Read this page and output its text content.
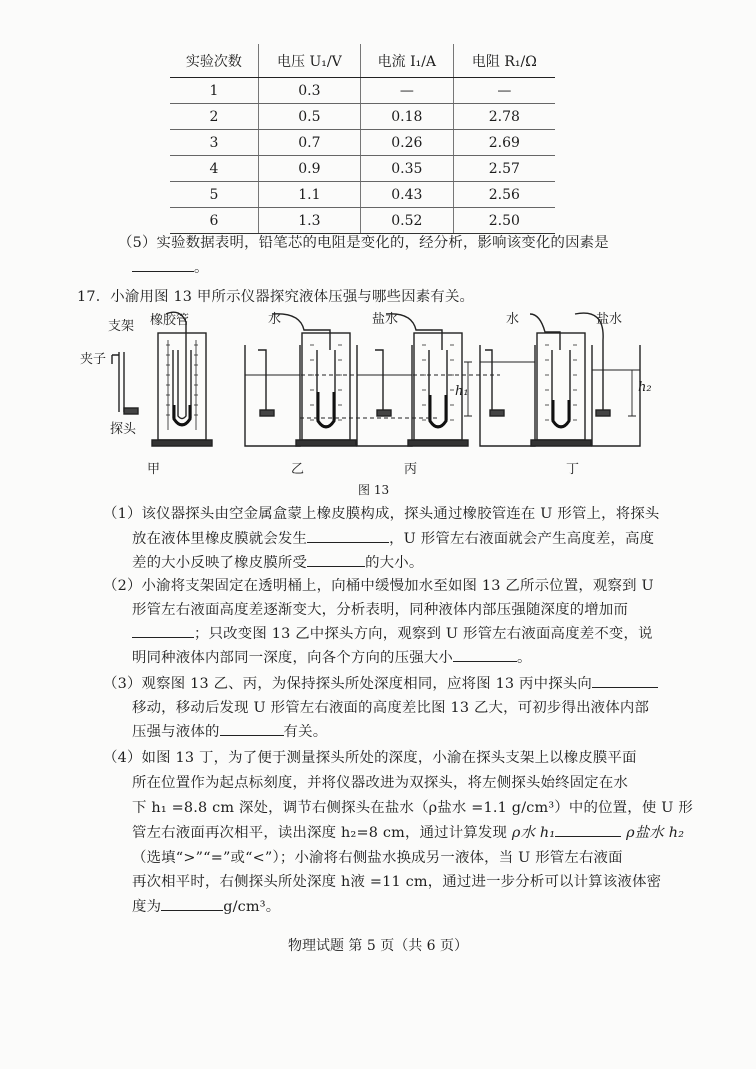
实验次数	电压 U₁/V	电流 I₁/A	电阻 R₁/Ω
1	0.3	—	—
2	0.5	0.18	2.78
3	0.7	0.26	2.69
4	0.9	0.35	2.57
5	1.1	0.43	2.56
6	1.3	0.52	2.50
（5）实验数据表明，铅笔芯的电阻是变化的，经分析，影响该变化的因素是
。
17．小渝用图 13 甲所示仪器探究液体压强与哪些因素有关。
支架 橡胶管
夹子
探头
水	盐水	水	盐水
h₁	h₂
甲	乙	丙	丁
图 13
（1）该仪器探头由空金属盒蒙上橡皮膜构成，探头通过橡胶管连在 U 形管上，将探头
放在液体里橡皮膜就会发生	，U 形管左右液面就会产生高度差，高度
差的大小反映了橡皮膜所受	的大小。
（2）小渝将支架固定在透明桶上，向桶中缓慢加水至如图 13 乙所示位置，观察到 U
形管左右液面高度差逐渐变大，分析表明，同种液体内部压强随深度的增加而
；只改变图 13 乙中探头方向，观察到 U 形管左右液面高度差不变，说
明同种液体内部同一深度，向各个方向的压强大小	。
（3）观察图 13 乙、丙，为保持探头所处深度相同，应将图 13 丙中探头向
移动，移动后发现 U 形管左右液面的高度差比图 13 乙大，可初步得出液体内部
压强与液体的	有关。
（4）如图 13 丁，为了便于测量探头所处的深度，小渝在探头支架上以橡皮膜平面
所在位置作为起点标刻度，并将仪器改进为双探头，将左侧探头始终固定在水
下 h₁ =8.8 cm 深处，调节右侧探头在盐水（ρ盐水 =1.1 g/cm³）中的位置，使 U 形
管左右液面再次相平，读出深度 h₂=8 cm，通过计算发现 ρ水 h₁	ρ盐水 h₂
（选填“>”“=”或“<”）；小渝将右侧盐水换成另一液体，当 U 形管左右液面
再次相平时，右侧探头所处深度 h液 =11 cm，通过进一步分析可以计算该液体密
度为	g/cm³。
物理试题 第 5 页（共 6 页）
